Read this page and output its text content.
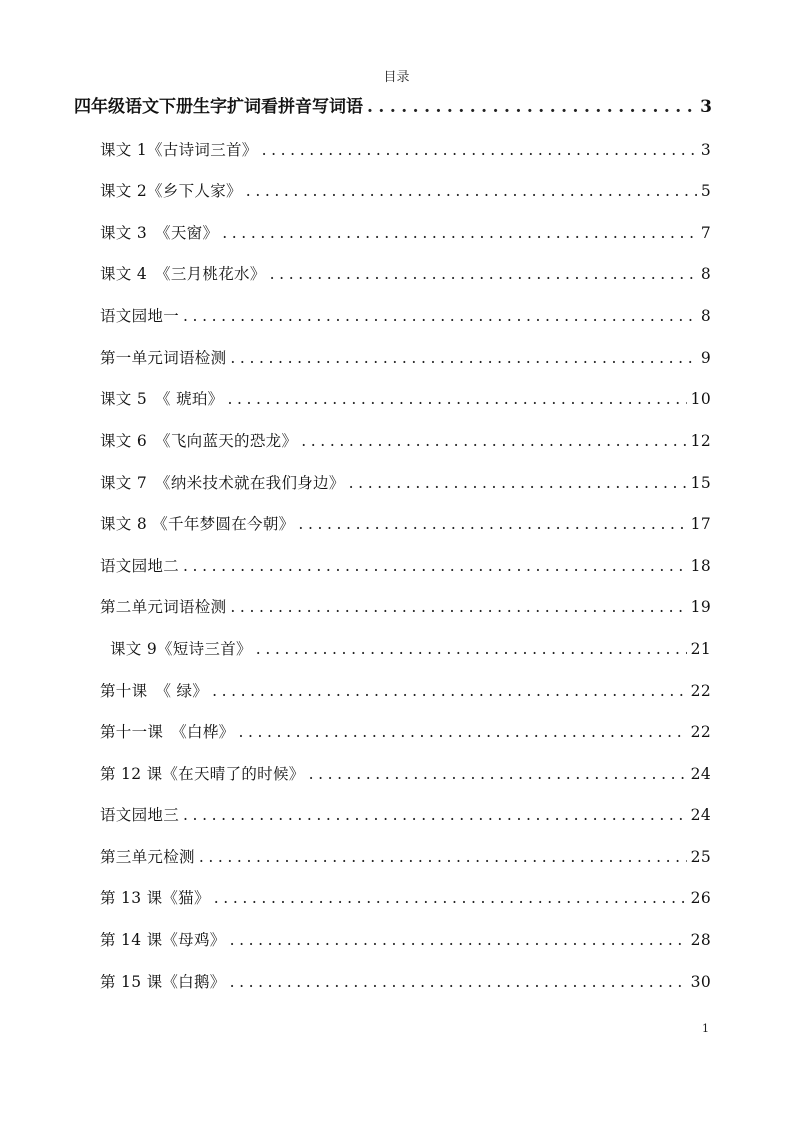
目录
四年级语文下册生字扩词看拼音写词语 .....	3
课文 1《古诗词三首》 .....	3
课文 2《乡下人家》 .....	5
课文 3　《天窗》 .....	7
课文 4　《三月桃花水》 .....	8
语文园地一 .....	8
第一单元词语检测 .....	9
课文 5　《 琥珀》 .....	10
课文 6　《飞向蓝天的恐龙》 .....	12
课文 7　《纳米技术就在我们身边》 .....	15
课文 8 《千年梦圆在今朝》 .....	17
语文园地二 .....	18
第二单元词语检测 .....	19
课文 9《短诗三首》 .....	21
第十课　《 绿》 .....	22
第十一课　《白桦》 .....	22
第 12 课《在天晴了的时候》 .....	24
语文园地三 .....	24
第三单元检测 .....	25
第 13 课《猫》 .....	26
第 14 课《母鸡》 .....	28
第 15 课《白鹅》 .....	30
1
